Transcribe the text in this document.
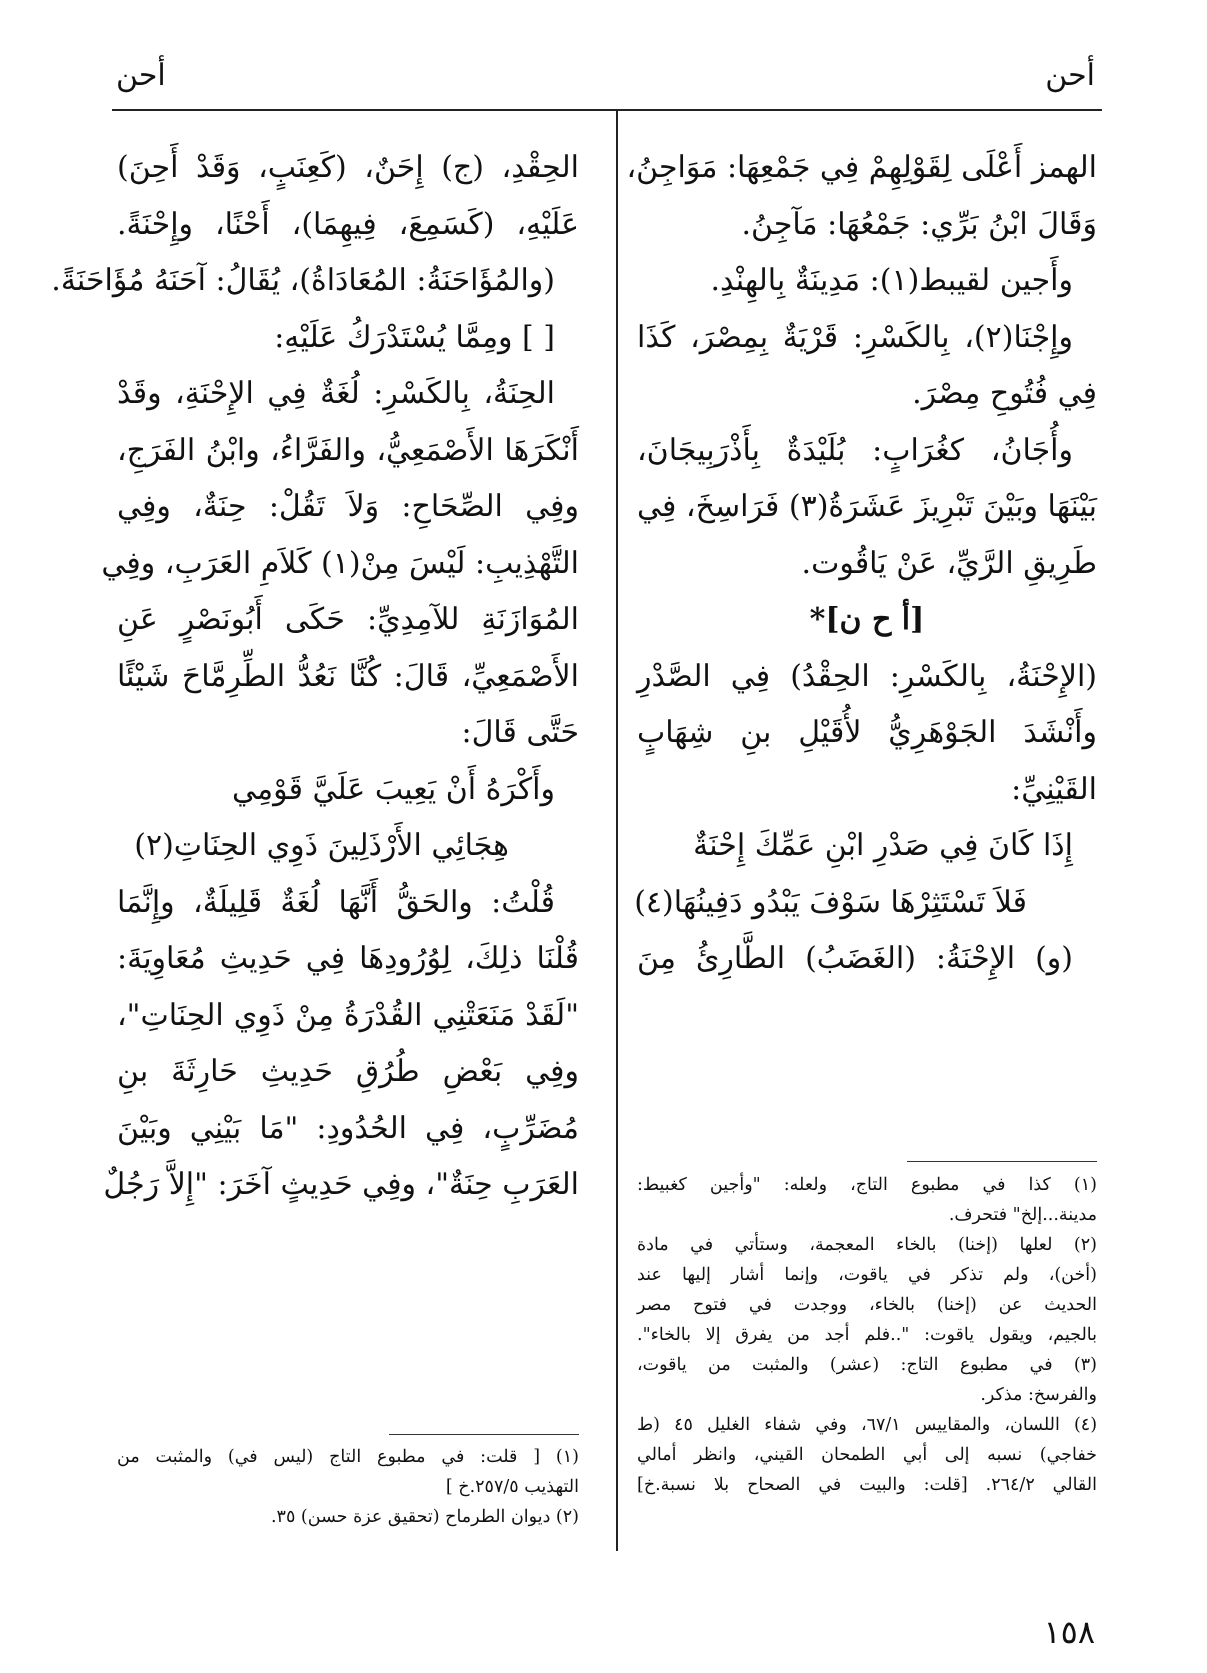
أحن
أحن
الهمز أَعْلَى لِقَوْلِهِمْ فِي جَمْعِهَا: مَوَاجِنُ،
وَقَالَ ابْنُ بَرِّي: جَمْعُهَا: مَآجِنُ.
وأَجين لقيبط(١): مَدِينَةٌ بِالهِنْدِ.
وإِجْنَا(٢)، بِالكَسْرِ: قَرْيَةٌ بِمِصْرَ، كَذَا
فِي فُتُوحِ مِصْرَ.
وأُجَانُ، كغُرَابٍ: بُلَيْدَةٌ بِأَذْرَبِيجَانَ،
بَيْنَهَا وبَيْنَ تَبْرِيزَ عَشَرَةُ(٣) فَرَاسِخَ، فِي
طَرِيقِ الرَّيِّ، عَنْ يَاقُوت.
[أ ح ن]*
(الإِحْنَةُ، بِالكَسْرِ: الحِقْدُ) فِي الصَّدْرِ
وأَنْشَدَ الجَوْهَرِيُّ لأُقَيْلِ بنِ شِهَابٍ
القَيْنِيِّ:
إِذَا كَانَ فِي صَدْرِ ابْنِ عَمِّكَ إِحْنَةٌ
فَلاَ تَسْتَثِرْهَا سَوْفَ يَبْدُو دَفِينُهَا(٤)
(و) الإِحْنَةُ: (الغَضَبُ) الطَّارِئُ مِنَ
الحِقْدِ، (ج) إِحَنٌ، (كَعِنَبٍ، وَقَدْ أَحِنَ)
عَلَيْهِ، (كَسَمِعَ، فِيهِمَا)، أَحْنًا، وإِحْنَةً.
(والمُؤَاحَنَةُ: المُعَادَاةُ)، يُقَالُ: آحَنَهُ مُؤَاحَنَةً.
[ ] ومِمَّا يُسْتَدْرَكُ عَلَيْهِ:
الحِنَةُ، بِالكَسْرِ: لُغَةٌ فِي الإِحْنَةِ، وقَدْ
أَنْكَرَهَا الأَصْمَعِيُّ، والفَرَّاءُ، وابْنُ الفَرَجِ،
وفِي الصِّحَاحِ: وَلاَ تَقُلْ: حِنَةٌ، وفِي
التَّهْذِيبِ: لَيْسَ مِنْ(١) كَلاَمِ العَرَبِ، وفِي
المُوَازَنَةِ للآمِدِيِّ: حَكَى أَبُونَصْرٍ عَنِ
الأَصْمَعِيِّ، قَالَ: كُنَّا نَعُدُّ الطِّرِمَّاحَ شَيْئًا
حَتَّى قَالَ:
وأَكْرَهُ أَنْ يَعِيبَ عَلَيَّ قَوْمِي
هِجَائِي الأَرْذَلِينَ ذَوِي الحِنَاتِ(٢)
قُلْتُ: والحَقُّ أَنَّهَا لُغَةٌ قَلِيلَةٌ، وإِنَّمَا
قُلْنَا ذلِكَ، لِوُرُودِهَا فِي حَدِيثِ مُعَاوِيَةَ:
"لَقَدْ مَنَعَتْنِي القُدْرَةُ مِنْ ذَوِي الحِنَاتِ"،
وفِي بَعْضِ طُرُقِ حَدِيثِ حَارِثَةَ بنِ
مُضَرِّبٍ، فِي الحُدُودِ: "مَا بَيْنِي وبَيْنَ
العَرَبِ حِنَةٌ"، وفِي حَدِيثٍ آخَرَ: "إِلاَّ رَجُلٌ	(١) كذا في مطبوع التاج، ولعله: "وأجين كغبيط:
مدينة...إلخ" فتحرف.
(٢) لعلها (إخنا) بالخاء المعجمة، وستأتي في مادة
(أخن)، ولم تذكر في ياقوت، وإنما أشار إليها عند
الحديث عن (إخنا) بالخاء، ووجدت في فتوح مصر
بالجيم، ويقول ياقوت: "..فلم أجد من يفرق إلا بالخاء".
(٣) في مطبوع التاج: (عشر) والمثبت من ياقوت،
والفرسخ: مذكر.
(٤) اللسان، والمقاييس ٦٧/١، وفي شفاء الغليل ٤٥ (ط
خفاجي) نسبه إلى أبي الطمحان القيني، وانظر أمالي
القالي ٢٦٤/٢. [قلت: والبيت في الصحاح بلا نسبة.خ]
(١) [ قلت: في مطبوع التاج (ليس في) والمثبت من
التهذيب ٢٥٧/٥.خ ]
(٢) ديوان الطرماح (تحقيق عزة حسن) ٣٥.
١٥٨
